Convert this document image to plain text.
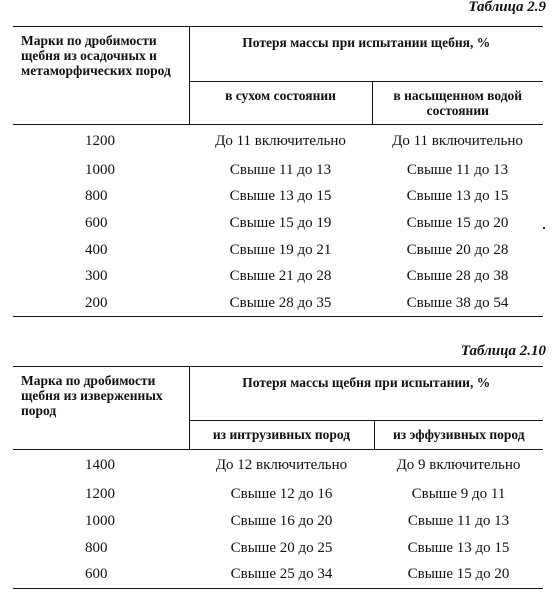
Таблица 2.9
Марки по дробимости щебня из осадочных и метаморфических пород	Потеря массы при испытании щебня, %	
	в сухом состоянии	в насыщенном водой состоянии
1200	До 11 включительно	До 11 включительно
1000	Свыше 11 до 13	Свыше 11 до 13
800	Свыше 13 до 15	Свыше 13 до 15
600	Свыше 15 до 19	Свыше 15 до 20
400	Свыше 19 до 21	Свыше 20 до 28
300	Свыше 21 до 28	Свыше 28 до 38
200	Свыше 28 до 35	Свыше 38 до 54
Таблица 2.10
Марка по дробимости щебня из изверженных пород	Потеря массы щебня при испытании, %	
	из интрузивных пород	из эффузивных пород
1400	До 12 включительно	До 9 включительно
1200	Свыше 12 до 16	Свыше 9 до 11
1000	Свыше 16 до 20	Свыше 11 до 13
800	Свыше 20 до 25	Свыше 13 до 15
600	Свыше 25 до 34	Свыше 15 до 20
